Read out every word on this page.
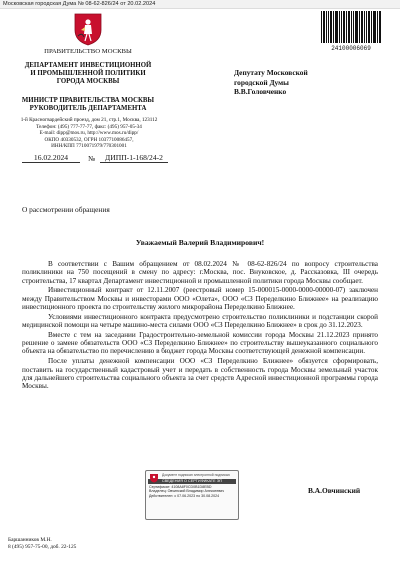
Московская городская Дума № 08-62-826/24 от 20.02.2024
24100006069
ПРАВИТЕЛЬСТВО МОСКВЫ
ДЕПАРТАМЕНТ ИНВЕСТИЦИОННОЙ
И ПРОМЫШЛЕННОЙ ПОЛИТИКИ
ГОРОДА МОСКВЫ
МИНИСТР ПРАВИТЕЛЬСТВА МОСКВЫ
РУКОВОДИТЕЛЬ ДЕПАРТАМЕНТА
1-й Красногвардейский проезд, дом 21, стр.1, Москва, 123112
Телефон: (495) 777-77-77, факс: (495) 957-05-34
E-mail: dipp@mos.ru, http://www.mos.ru/dipp/
ОКПО 40330532, ОГРН 1037710086457,
ИНН/КПП 7710071979/770301001
16.02.2024	№	ДИПП-1-168/24-2
Депутату Московской
городской Думы
В.В.Головченко
О рассмотрении обращения
Уважаемый Валерий Владимирович!

В соответствии с Вашим обращением от 08.02.2024 № 08-62-826/24 по вопросу строительства поликлиники на 750 посещений в смену по адресу: г.Москва, пос. Внуковское, д. Рассказовка, III очередь строительства, 17 квартал Департамент инвестиционной и промышленной политики города Москвы сообщает.

Инвестиционный контракт от 12.11.2007 (реестровый номер 15-000015-0000-0000-00000-07) заключен между Правительством Москвы и инвесторами ООО «Олета», ООО «СЗ Переделкино Ближнее» на реализацию инвестиционного проекта по строительству жилого микрорайона Переделкино Ближнее.

Условиями инвестиционного контракта предусмотрено строительство поликлиники и подстанции скорой медицинской помощи на четыре машино-места силами ООО «СЗ Переделкино Ближнее» в срок до 31.12.2023.

Вместе с тем на заседании Градостроительно-земельной комиссии города Москвы 21.12.2023 принято решение о замене обязательств ООО «СЗ Переделкино Ближнее» по строительству вышеуказанного социального объекта на обязательство по перечислению в бюджет города Москвы соответствующей денежной компенсации.

После уплаты денежной компенсации ООО «СЗ Переделкино Ближнее» обязуется сформировать, поставить на государственный кадастровый учет и передать в собственность города Москвы земельный участок для дальнейшего строительства социального объекта за счет средств Адресной инвестиционной программы города Москвы.

Документ подписан электронной подписью
СВЕДЕНИЯ О СЕРТИФИКАТЕ ЭП
Сертификат: 4108A8F0CD0B1D8EBD
Владелец: Овчинский Владимир Алексеевич
Действителен: с 07.06.2023 по 30.08.2024
В.А.Овчинский
Баршанников М.Н.
8 (495) 957-75-00, доб. 22-125
